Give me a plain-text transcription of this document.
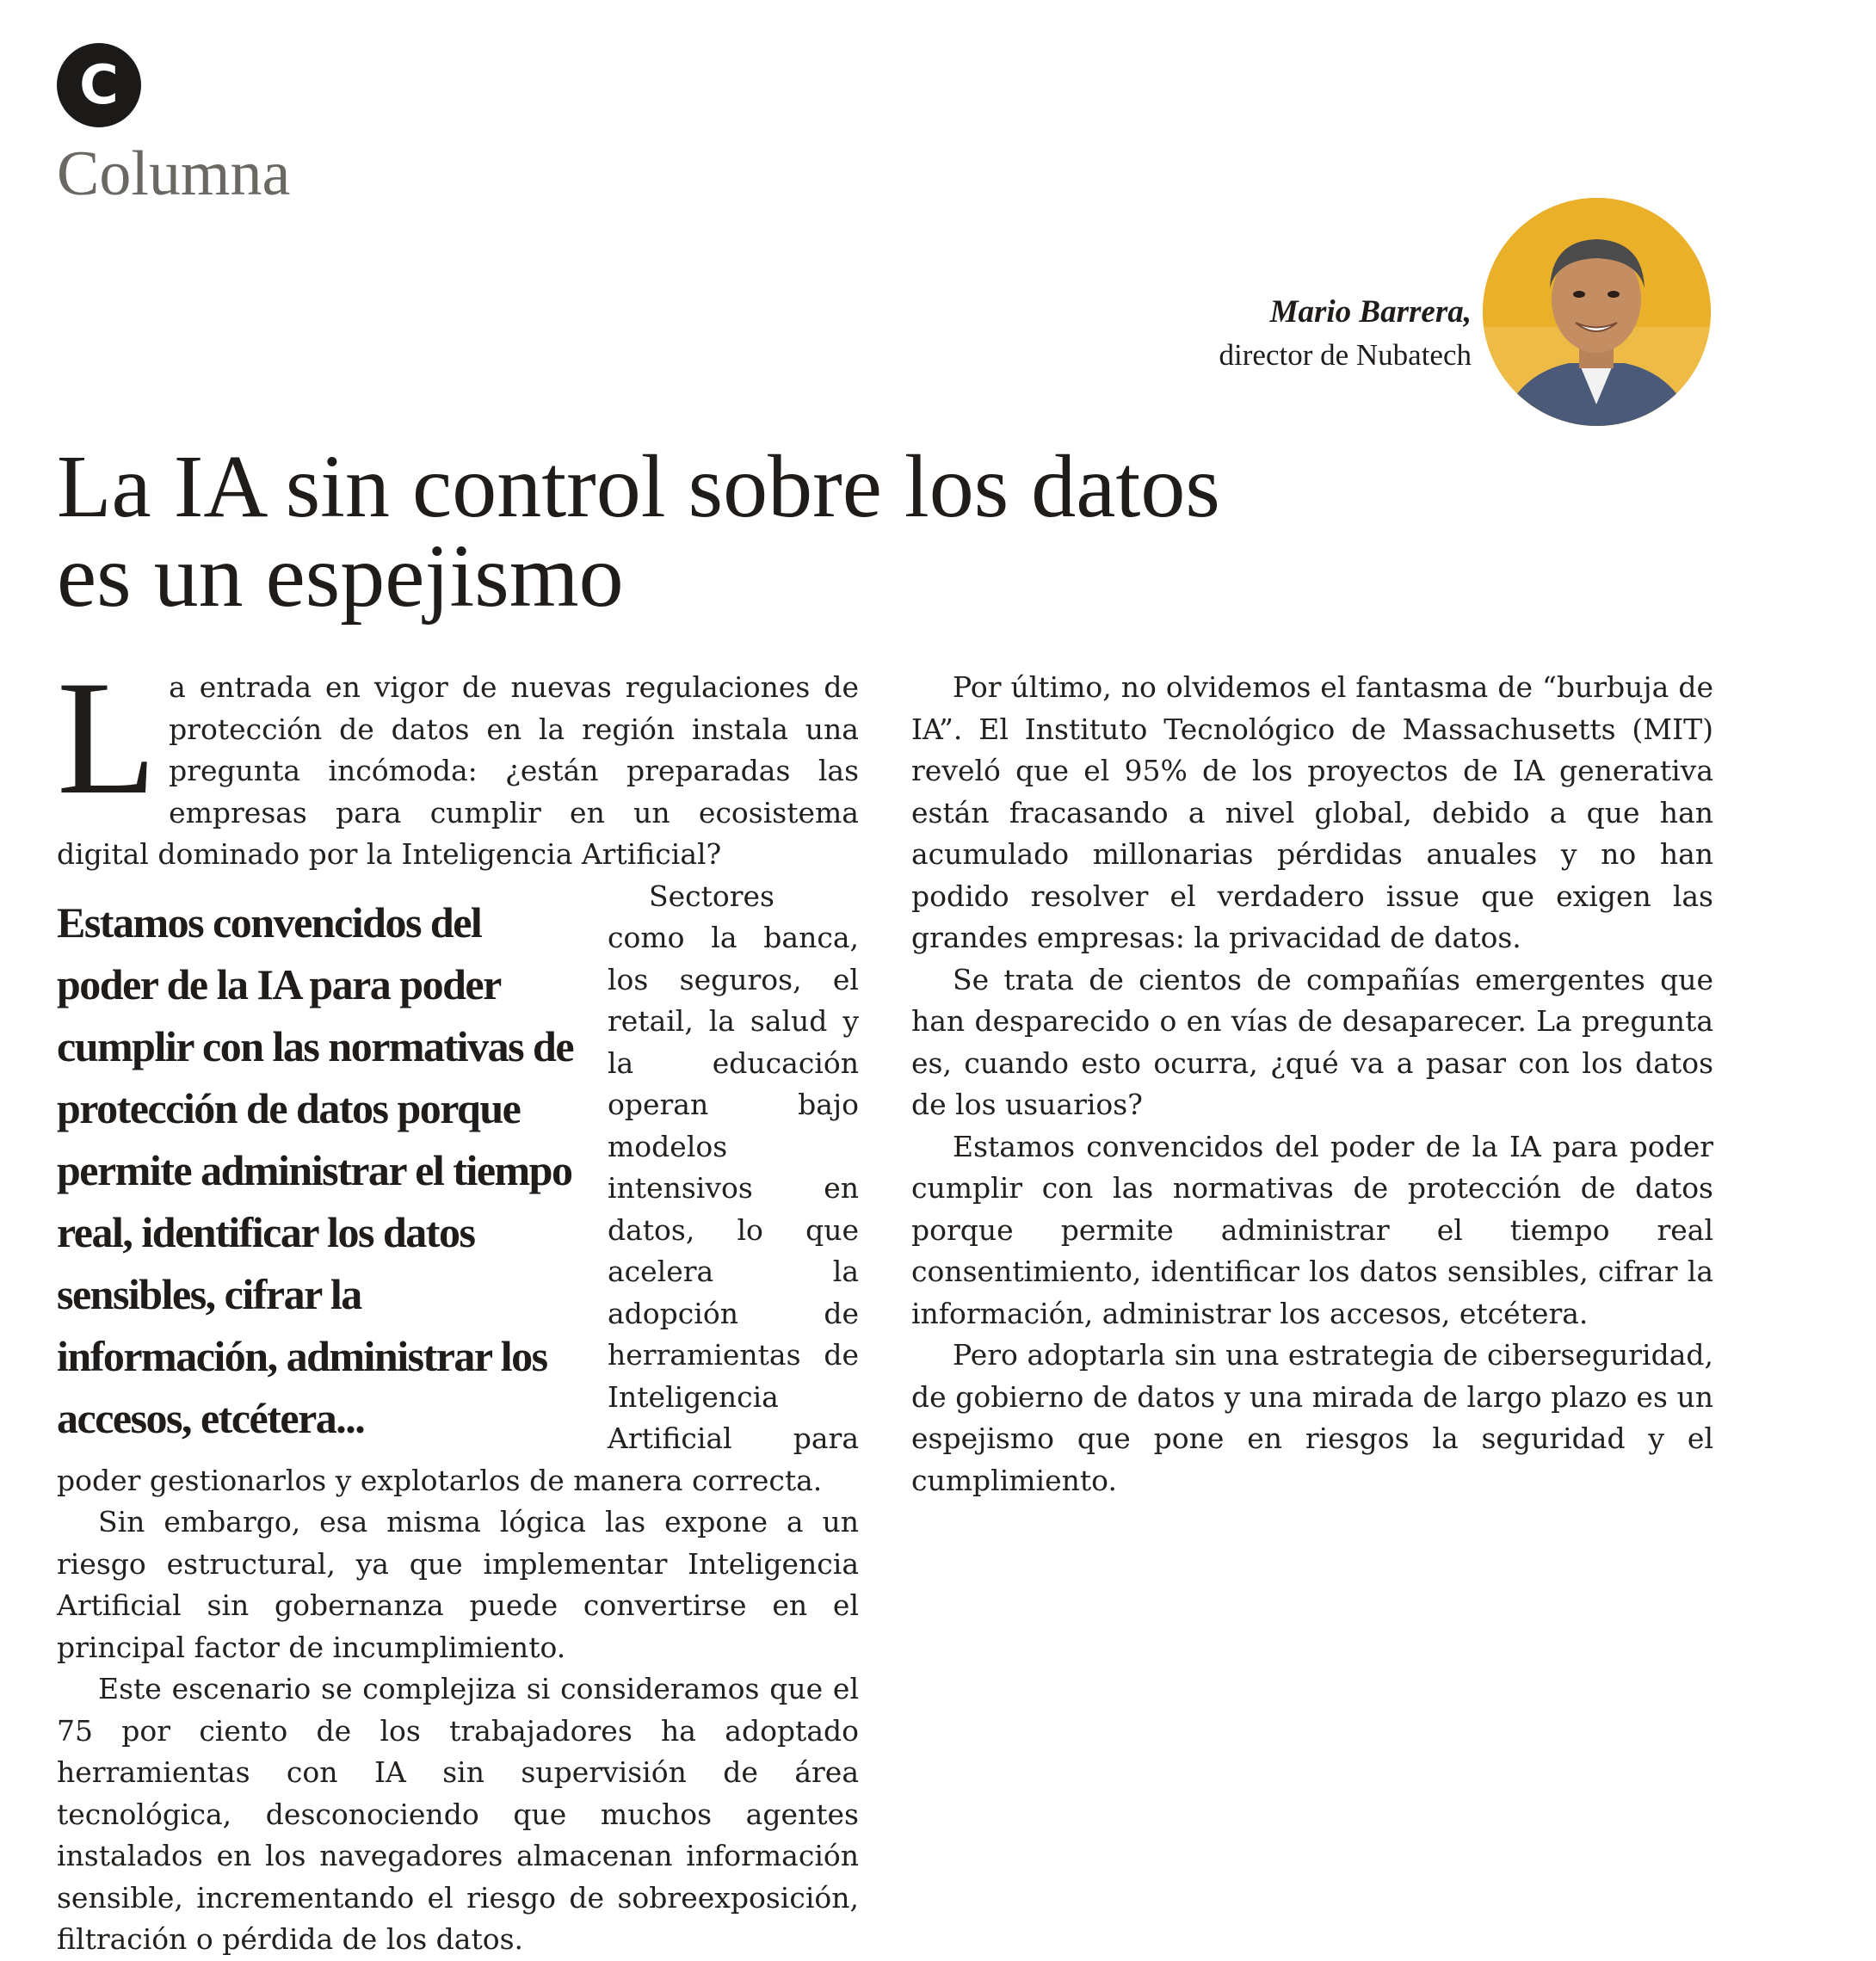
C
Columna
Mario Barrera,
director de Nubatech
La IA sin control sobre los datos
es un espejismo

La entrada en vigor de nuevas regulaciones de protección de datos en la región instala una pregunta incómoda: ¿están preparadas las empresas para cumplir en un ecosistema digital dominado por la Inteligencia Artificial?

Estamos convencidos del poder de la IA para poder cumplir con las normativas de protección de datos porque permite administrar el tiempo real, identificar los datos sensibles, cifrar la información, administrar los accesos, etcétera...

Sectores como la banca, los seguros, el retail, la salud y la educación operan bajo modelos intensivos en datos, lo que acelera la adopción de herramientas de Inteligencia Artificial para poder gestionarlos y explotarlos de manera correcta.

Sin embargo, esa misma lógica las expone a un riesgo estructural, ya que implementar Inteligencia Artificial sin gobernanza puede convertirse en el principal factor de incumplimiento.

Este escenario se complejiza si consideramos que el 75 por ciento de los trabajadores ha adoptado herramientas con IA sin supervisión de área tecnológica, desconociendo que muchos agentes instalados en los navegadores almacenan información sensible, incrementando el riesgo de sobreexposición, filtración o pérdida de los datos.

Por último, no olvidemos el fantasma de “burbuja de IA”. El Instituto Tecnológico de Massachusetts (MIT) reveló que el 95% de los proyectos de IA generativa están fracasando a nivel global, debido a que han acumulado millonarias pérdidas anuales y no han podido resolver el verdadero issue que exigen las grandes empresas: la privacidad de datos.

Se trata de cientos de compañías emergentes que han desparecido o en vías de desaparecer. La pregunta es, cuando esto ocurra, ¿qué va a pasar con los datos de los usuarios?

Estamos convencidos del poder de la IA para poder cumplir con las normativas de protección de datos porque permite administrar el tiempo real consentimiento, identificar los datos sensibles, cifrar la información, administrar los accesos, etcétera.

Pero adoptarla sin una estrategia de ciberseguridad, de gobierno de datos y una mirada de largo plazo es un espejismo que pone en riesgos la seguridad y el cumplimiento.
